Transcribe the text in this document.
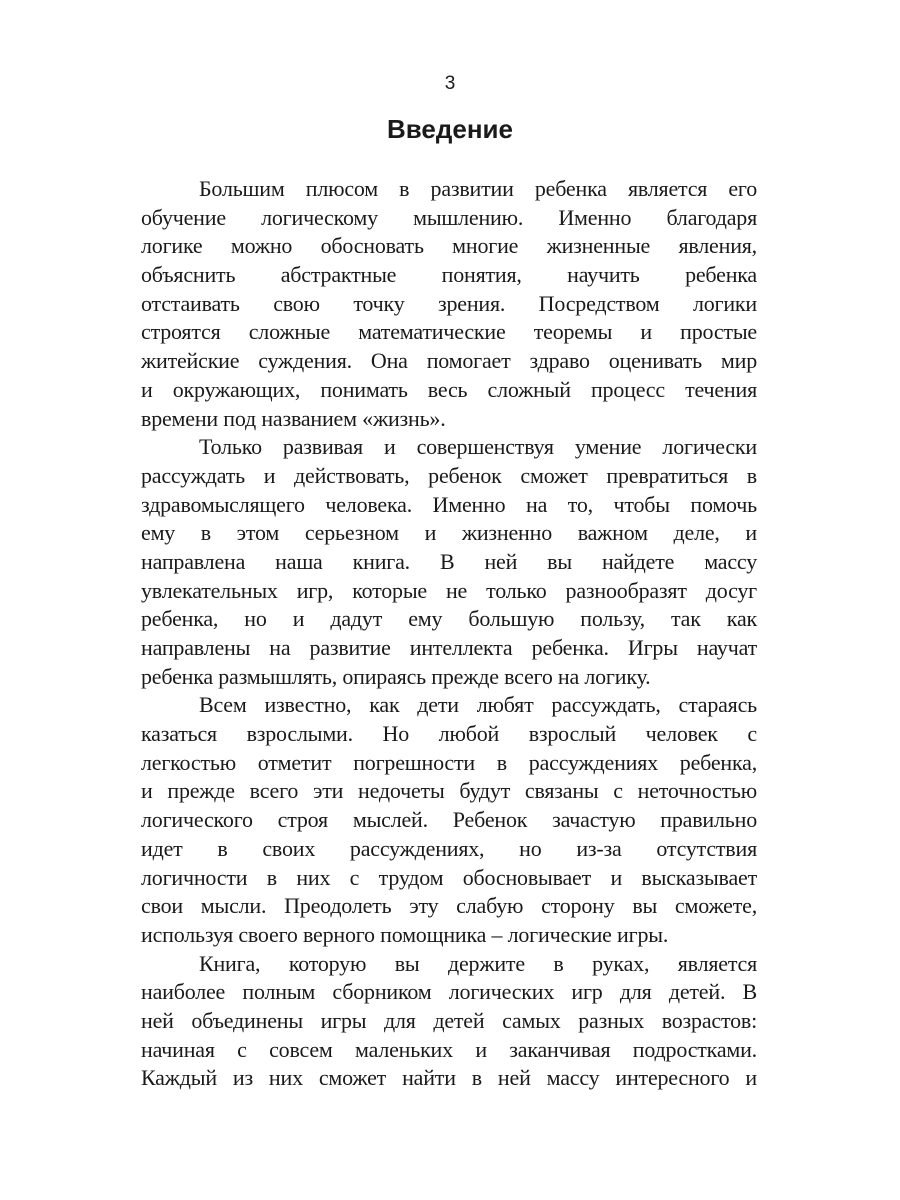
3
Введение
Большим плюсом в развитии ребенка является его
обучение логическому мышлению. Именно благодаря
логике можно обосновать многие жизненные явления,
объяснить абстрактные понятия, научить ребенка
отстаивать свою точку зрения. Посредством логики
строятся сложные математические теоремы и простые
житейские суждения. Она помогает здраво оценивать мир
и окружающих, понимать весь сложный процесс течения
времени под названием «жизнь».
Только развивая и совершенствуя умение логически
рассуждать и действовать, ребенок сможет превратиться в
здравомыслящего человека. Именно на то, чтобы помочь
ему в этом серьезном и жизненно важном деле, и
направлена наша книга. В ней вы найдете массу
увлекательных игр, которые не только разнообразят досуг
ребенка, но и дадут ему большую пользу, так как
направлены на развитие интеллекта ребенка. Игры научат
ребенка размышлять, опираясь прежде всего на логику.
Всем известно, как дети любят рассуждать, стараясь
казаться взрослыми. Но любой взрослый человек с
легкостью отметит погрешности в рассуждениях ребенка,
и прежде всего эти недочеты будут связаны с неточностью
логического строя мыслей. Ребенок зачастую правильно
идет в своих рассуждениях, но из-за отсутствия
логичности в них с трудом обосновывает и высказывает
свои мысли. Преодолеть эту слабую сторону вы сможете,
используя своего верного помощника – логические игры.
Книга, которую вы держите в руках, является
наиболее полным сборником логических игр для детей. В
ней объединены игры для детей самых разных возрастов:
начиная с совсем маленьких и заканчивая подростками.
Каждый из них сможет найти в ней массу интересного и
